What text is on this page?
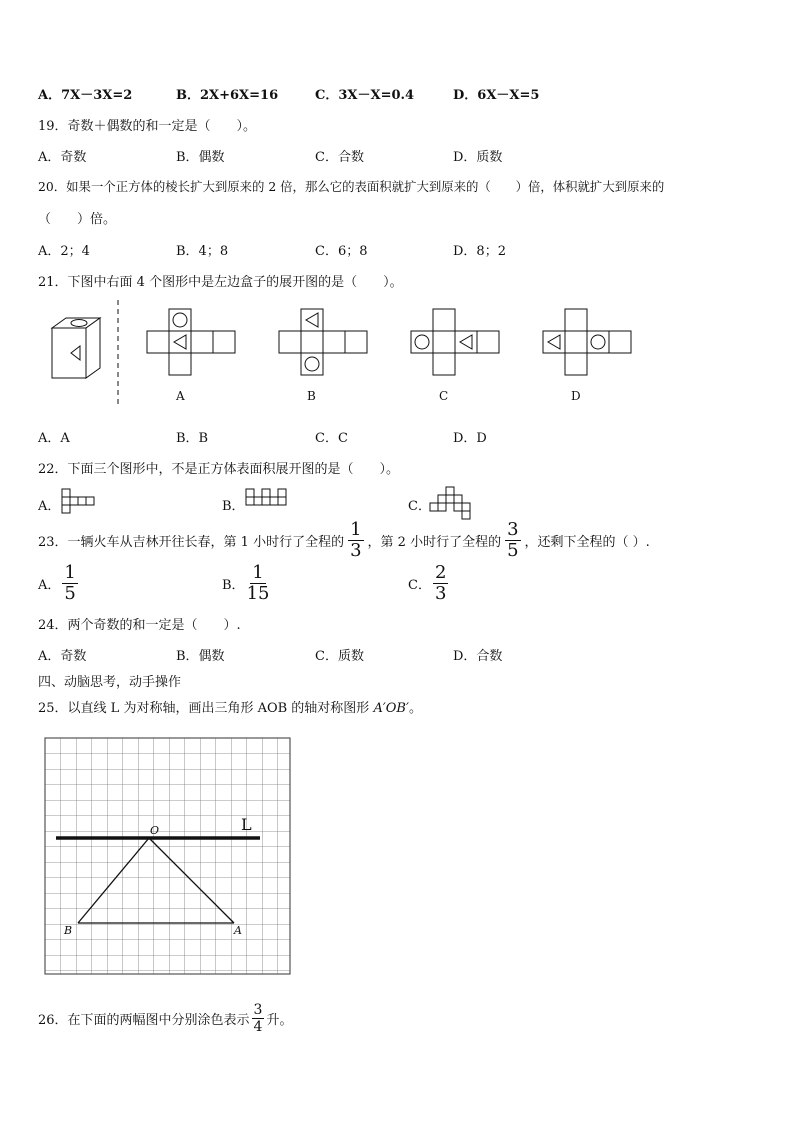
A．7X－3X=2	B．2X+6X=16	C．3X－X=0.4	D．6X－X=5
19．奇数＋偶数的和一定是（　　）。
A．奇数	B．偶数	C．合数	D．质数
20．如果一个正方体的棱长扩大到原来的 2 倍，那么它的表面积就扩大到原来的（　　）倍，体积就扩大到原来的
（　　）倍。
A．2；4	B．4；8	C．6；8	D．8；2
21．下图中右面 4 个图形中是左边盒子的展开图的是（　　）。
A	B	C	D
A．A	B．B	C．C	D．D
22．下面三个图形中，不是正方体表面积展开图的是（　　）。
A．	B．	C．
23．一辆火车从吉林开往长春，第 1 小时行了全程的 $\frac{1}{3}$ ，第 2 小时行了全程的 $\frac{3}{5}$ ，还剩下全程的（ ）.
A． $\frac{1}{5}$	B． $\frac{1}{15}$	C． $\frac{2}{3}$
24．两个奇数的和一定是（　　）.
A．奇数	B．偶数	C．质数	D．合数
四、动脑思考，动手操作
25．以直线 L 为对称轴，画出三角形 AOB 的轴对称图形 A′OB′。
L
O
B	A
26．在下面的两幅图中分别涂色表示 $\frac{3}{4}$ 升。
